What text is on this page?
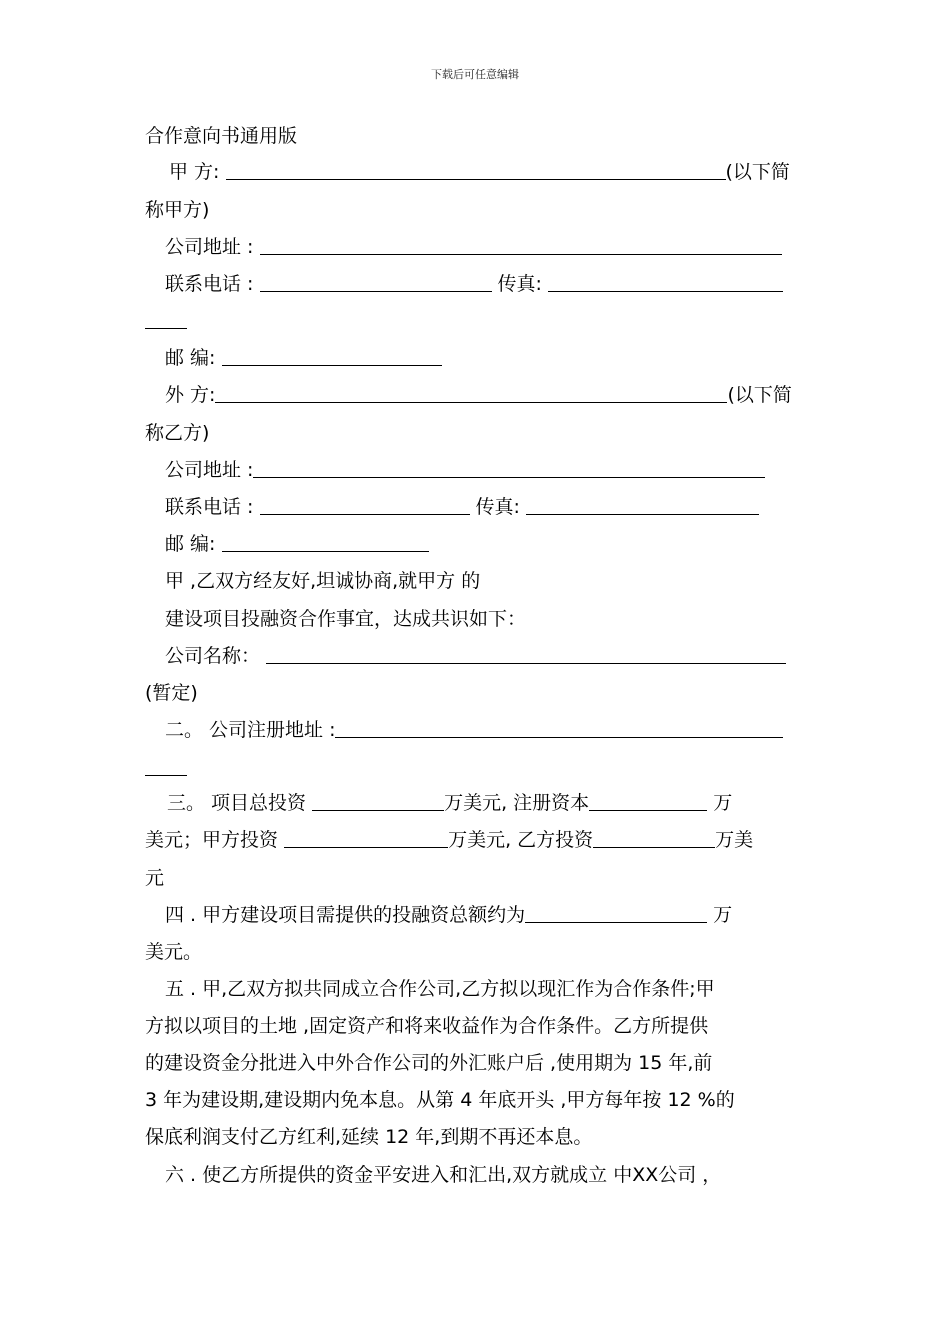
下载后可任意编辑
合作意向书通用版
甲 方:	(以下简
称甲方)
公司地址 :
联系电话 :	传真:
邮 编:
外 方:	(以下简
称乙方)
公司地址 :
联系电话 :	传真:
邮 编:
甲 ,乙双方经友好,坦诚协商,就甲方 的
建设项目投融资合作事宜，达成共识如下：
公司名称：
(暂定)
二。 公司注册地址 :
三。 项目总投资	万美元, 注册资本	万
美元；甲方投资	万美元, 乙方投资	万美
元
四 . 甲方建设项目需提供的投融资总额约为	万
美元。
五 . 甲,乙双方拟共同成立合作公司,乙方拟以现汇作为合作条件;甲
方拟以项目的土地 ,固定资产和将来收益作为合作条件。乙方所提供
的建设资金分批进入中外合作公司的外汇账户后 ,使用期为 15 年,前
3 年为建设期,建设期内免本息。从第 4 年底开头 ,甲方每年按 12 %的
保底利润支付乙方红利,延续 12 年,到期不再还本息。
六 . 使乙方所提供的资金平安进入和汇出,双方就成立 中XX公司 ，
